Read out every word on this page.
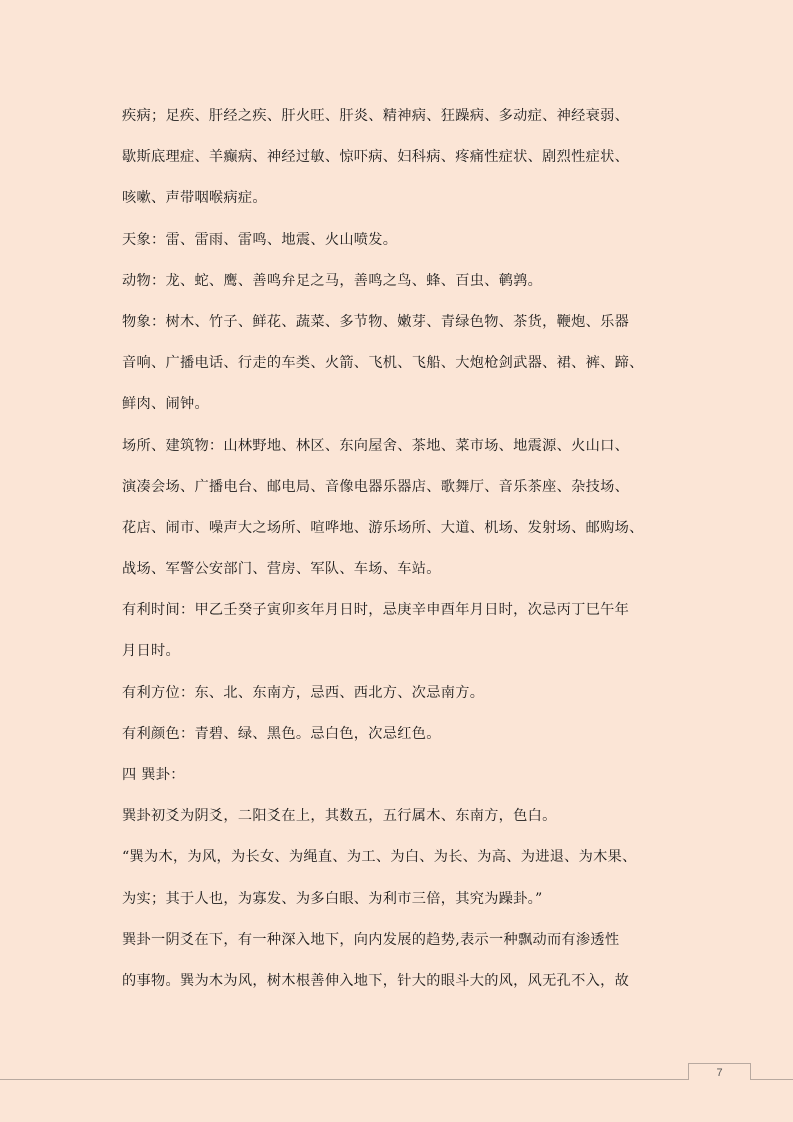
疾病；足疾、肝经之疾、肝火旺、肝炎、精神病、狂躁病、多动症、神经衰弱、
歇斯底理症、羊癫病、神经过敏、惊吓病、妇科病、疼痛性症状、剧烈性症状、
咳嗽、声带咽喉病症。
天象：雷、雷雨、雷鸣、地震、火山喷发。
动物：龙、蛇、鹰、善鸣弁足之马，善鸣之鸟、蜂、百虫、鹌鹑。
物象：树木、竹子、鲜花、蔬菜、多节物、嫩芽、青绿色物、茶货，鞭炮、乐器
音响、广播电话、行走的车类、火箭、飞机、飞船、大炮枪剑武器、裙、裤、蹄、
鲜肉、闹钟。
场所、建筑物：山林野地、林区、东向屋舍、茶地、菜市场、地震源、火山口、
演凑会场、广播电台、邮电局、音像电器乐器店、歌舞厅、音乐茶座、杂技场、
花店、闹市、噪声大之场所、喧哗地、游乐场所、大道、机场、发射场、邮购场、
战场、军警公安部门、营房、军队、车场、车站。
有利时间：甲乙壬癸子寅卯亥年月日时，忌庚辛申酉年月日时，次忌丙丁巳午年
月日时。
有利方位：东、北、东南方，忌西、西北方、次忌南方。
有利颜色：青碧、绿、黑色。忌白色，次忌红色。
四 巽卦：
巽卦初爻为阴爻，二阳爻在上，其数五，五行属木、东南方，色白。
“巽为木，为风，为长女、为绳直、为工、为白、为长、为高、为进退、为木果、
为实；其于人也，为寡发、为多白眼、为利市三倍，其究为躁卦。”
巽卦一阴爻在下，有一种深入地下，向内发展的趋势,表示一种飘动而有渗透性
的事物。巽为木为风，树木根善伸入地下，针大的眼斗大的风，风无孔不入，故
7
